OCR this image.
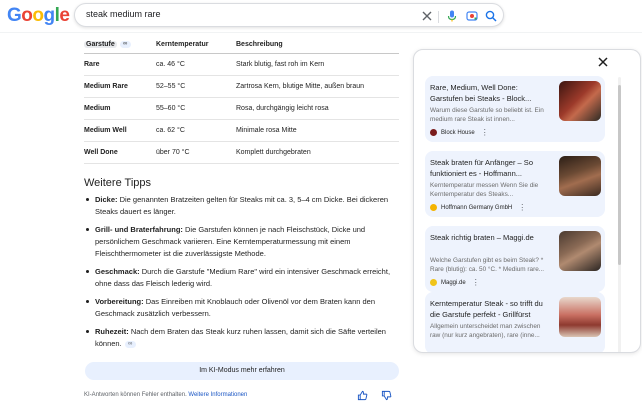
Google steak medium rare
Garstufe ∞	Kerntemperatur	Beschreibung
Rare	ca. 46 °C	Stark blutig, fast roh im Kern
Medium Rare	52–55 °C	Zartrosa Kern, blutige Mitte, außen braun
Medium	55–60 °C	Rosa, durchgängig leicht rosa
Medium Well	ca. 62 °C	Minimale rosa Mitte
Well Done	über 70 °C	Komplett durchgebraten
Weitere Tipps
Dicke: Die genannten Bratzeiten gelten für Steaks mit ca. 3, 5–4 cm Dicke. Bei dickeren Steaks dauert es länger.
Grill- und Braterfahrung: Die Garstufen können je nach Fleischstück, Dicke und persönlichem Geschmack variieren. Eine Kerntemperaturmessung mit einem Fleischthermometer ist die zuverlässigste Methode.
Geschmack: Durch die Garstufe "Medium Rare" wird ein intensiver Geschmack erreicht, ohne dass das Fleisch lederig wird.
Vorbereitung: Das Einreiben mit Knoblauch oder Olivenöl vor dem Braten kann den Geschmack zusätzlich verbessern.
Ruhezeit: Nach dem Braten das Steak kurz ruhen lassen, damit sich die Säfte verteilen können. ∞
Im KI-Modus mehr erfahren
KI-Antworten können Fehler enthalten. Weitere Informationen
Rare, Medium, Well Done: Garstufen bei Steaks - Block...
Warum diese Garstufe so beliebt ist. Ein medium rare Steak ist innen...
Block House ⋮
Steak braten für Anfänger – So funktioniert es - Hoffmann...
Kerntemperatur messen Wenn Sie die Kerntemperatur des Steaks...
Hoffmann Germany GmbH ⋮
Steak richtig braten – Maggi.de
Welche Garstufen gibt es beim Steak? * Rare (blutig): ca. 50 °C. * Medium rare...
Maggi.de ⋮
Kerntemperatur Steak - so trifft du die Garstufe perfekt - Grillfürst
Allgemein unterscheidet man zwischen raw (nur kurz angebraten), rare (inne...
